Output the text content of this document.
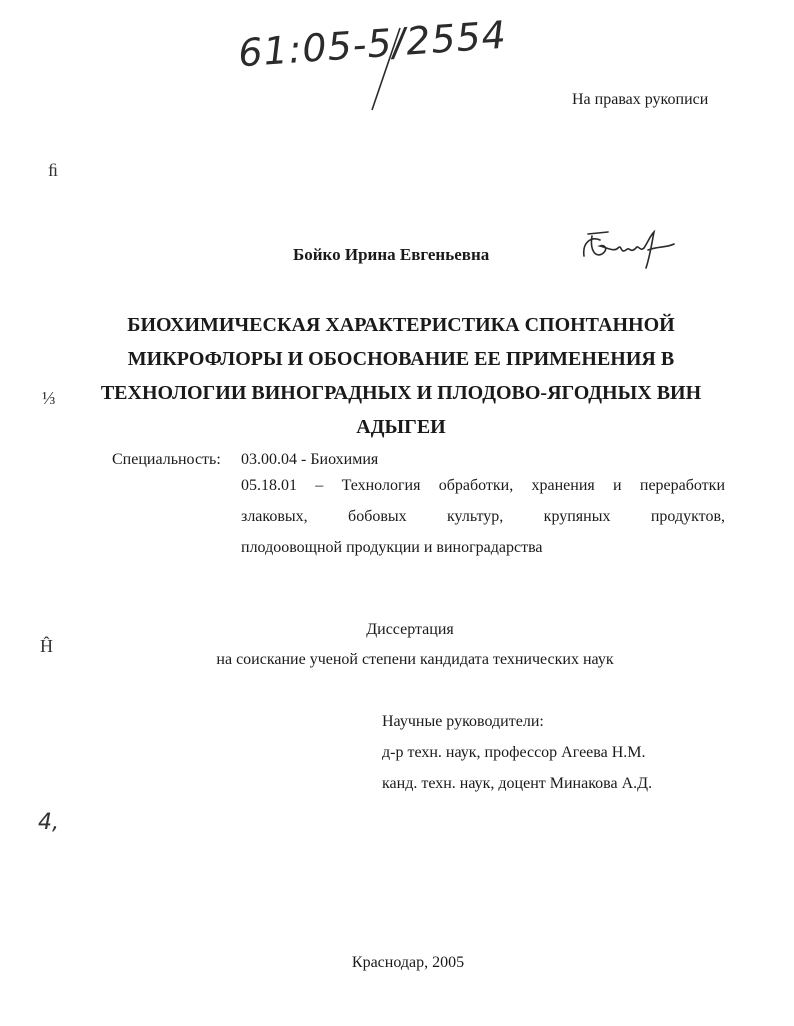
61:05-5/2554
На правах рукописи
ﬁ
⅓
Ĥ
4,
Бойко Ирина Евгеньевна
БИОХИМИЧЕСКАЯ ХАРАКТЕРИСТИКА СПОНТАННОЙ
МИКРОФЛОРЫ И ОБОСНОВАНИЕ ЕЕ ПРИМЕНЕНИЯ В
ТЕХНОЛОГИИ ВИНОГРАДНЫХ И ПЛОДОВО-ЯГОДНЫХ ВИН
АДЫГЕИ
Специальность: 03.00.04 - Биохимия
05.18.01 – Технология обработки, хранения и переработки
злаковых, бобовых культур, крупяных продуктов,
плодоовощной продукции и виноградарства
Диссертация
на соискание ученой степени кандидата технических наук
Научные руководители:
д-р техн. наук, профессор Агеева Н.М.
канд. техн. наук, доцент Минакова А.Д.
Краснодар, 2005
